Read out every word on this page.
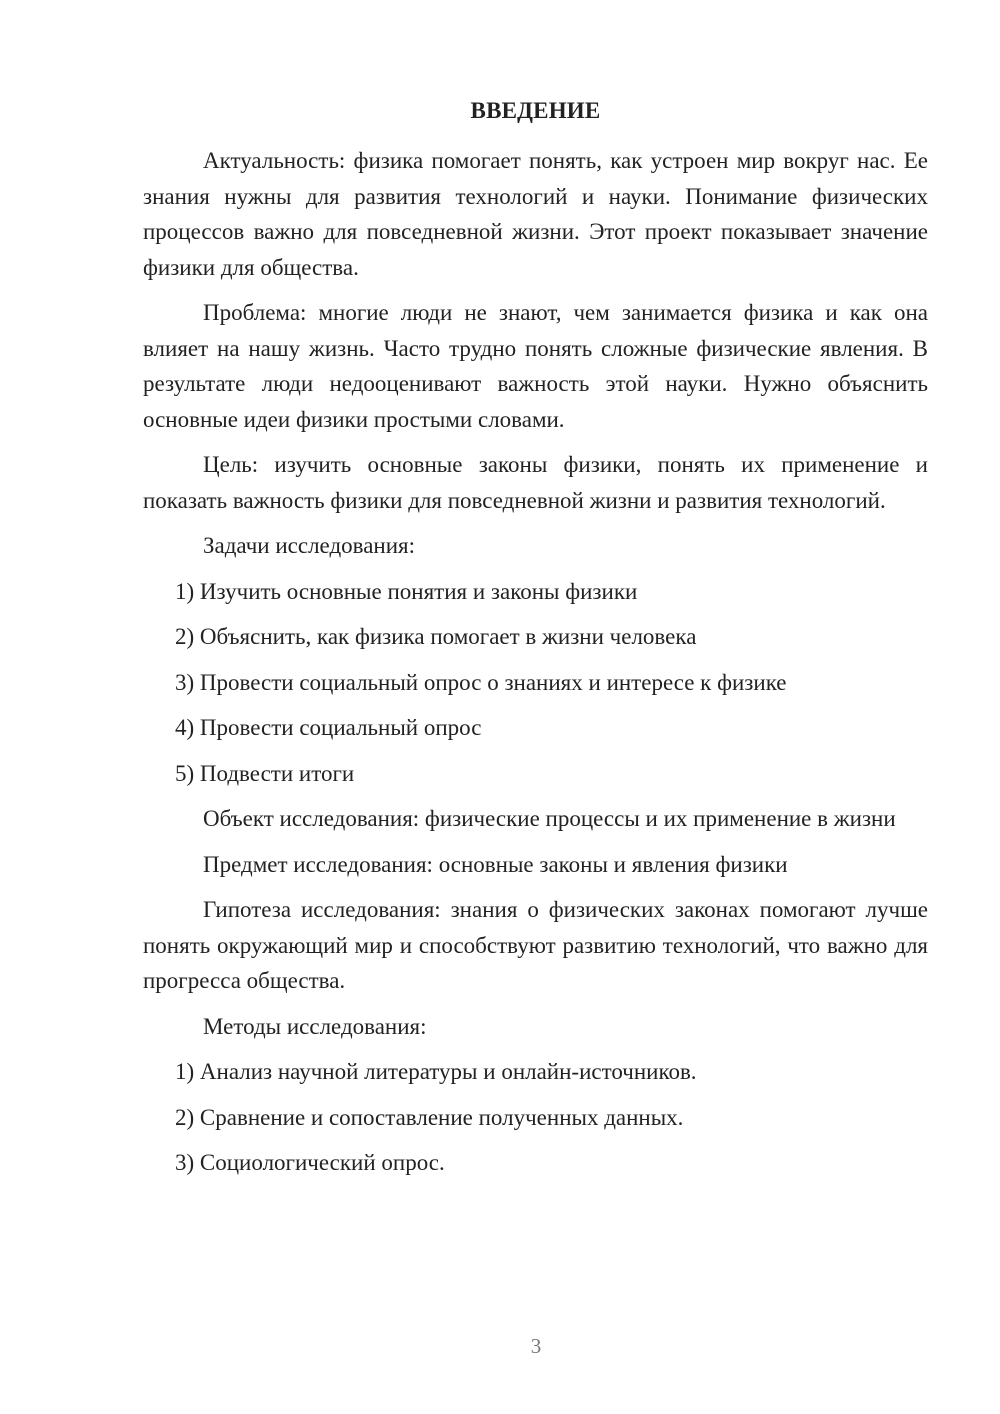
ВВЕДЕНИЕ

Актуальность: физика помогает понять, как устроен мир вокруг нас. Ее знания нужны для развития технологий и науки. Понимание физических процессов важно для повседневной жизни. Этот проект показывает значение физики для общества.

Проблема: многие люди не знают, чем занимается физика и как она влияет на нашу жизнь. Часто трудно понять сложные физические явления. В результате люди недооценивают важность этой науки. Нужно объяснить основные идеи физики простыми словами.

Цель: изучить основные законы физики, понять их применение и показать важность физики для повседневной жизни и развития технологий.

Задачи исследования:

1) Изучить основные понятия и законы физики

2) Объяснить, как физика помогает в жизни человека

3) Провести социальный опрос о знаниях и интересе к физике

4) Провести социальный опрос

5) Подвести итоги

Объект исследования: физические процессы и их применение в жизни

Предмет исследования: основные законы и явления физики

Гипотеза исследования: знания о физических законах помогают лучше понять окружающий мир и способствуют развитию технологий, что важно для прогресса общества.

Методы исследования:

1) Анализ научной литературы и онлайн-источников.

2) Сравнение и сопоставление полученных данных.

3) Социологический опрос.

3
